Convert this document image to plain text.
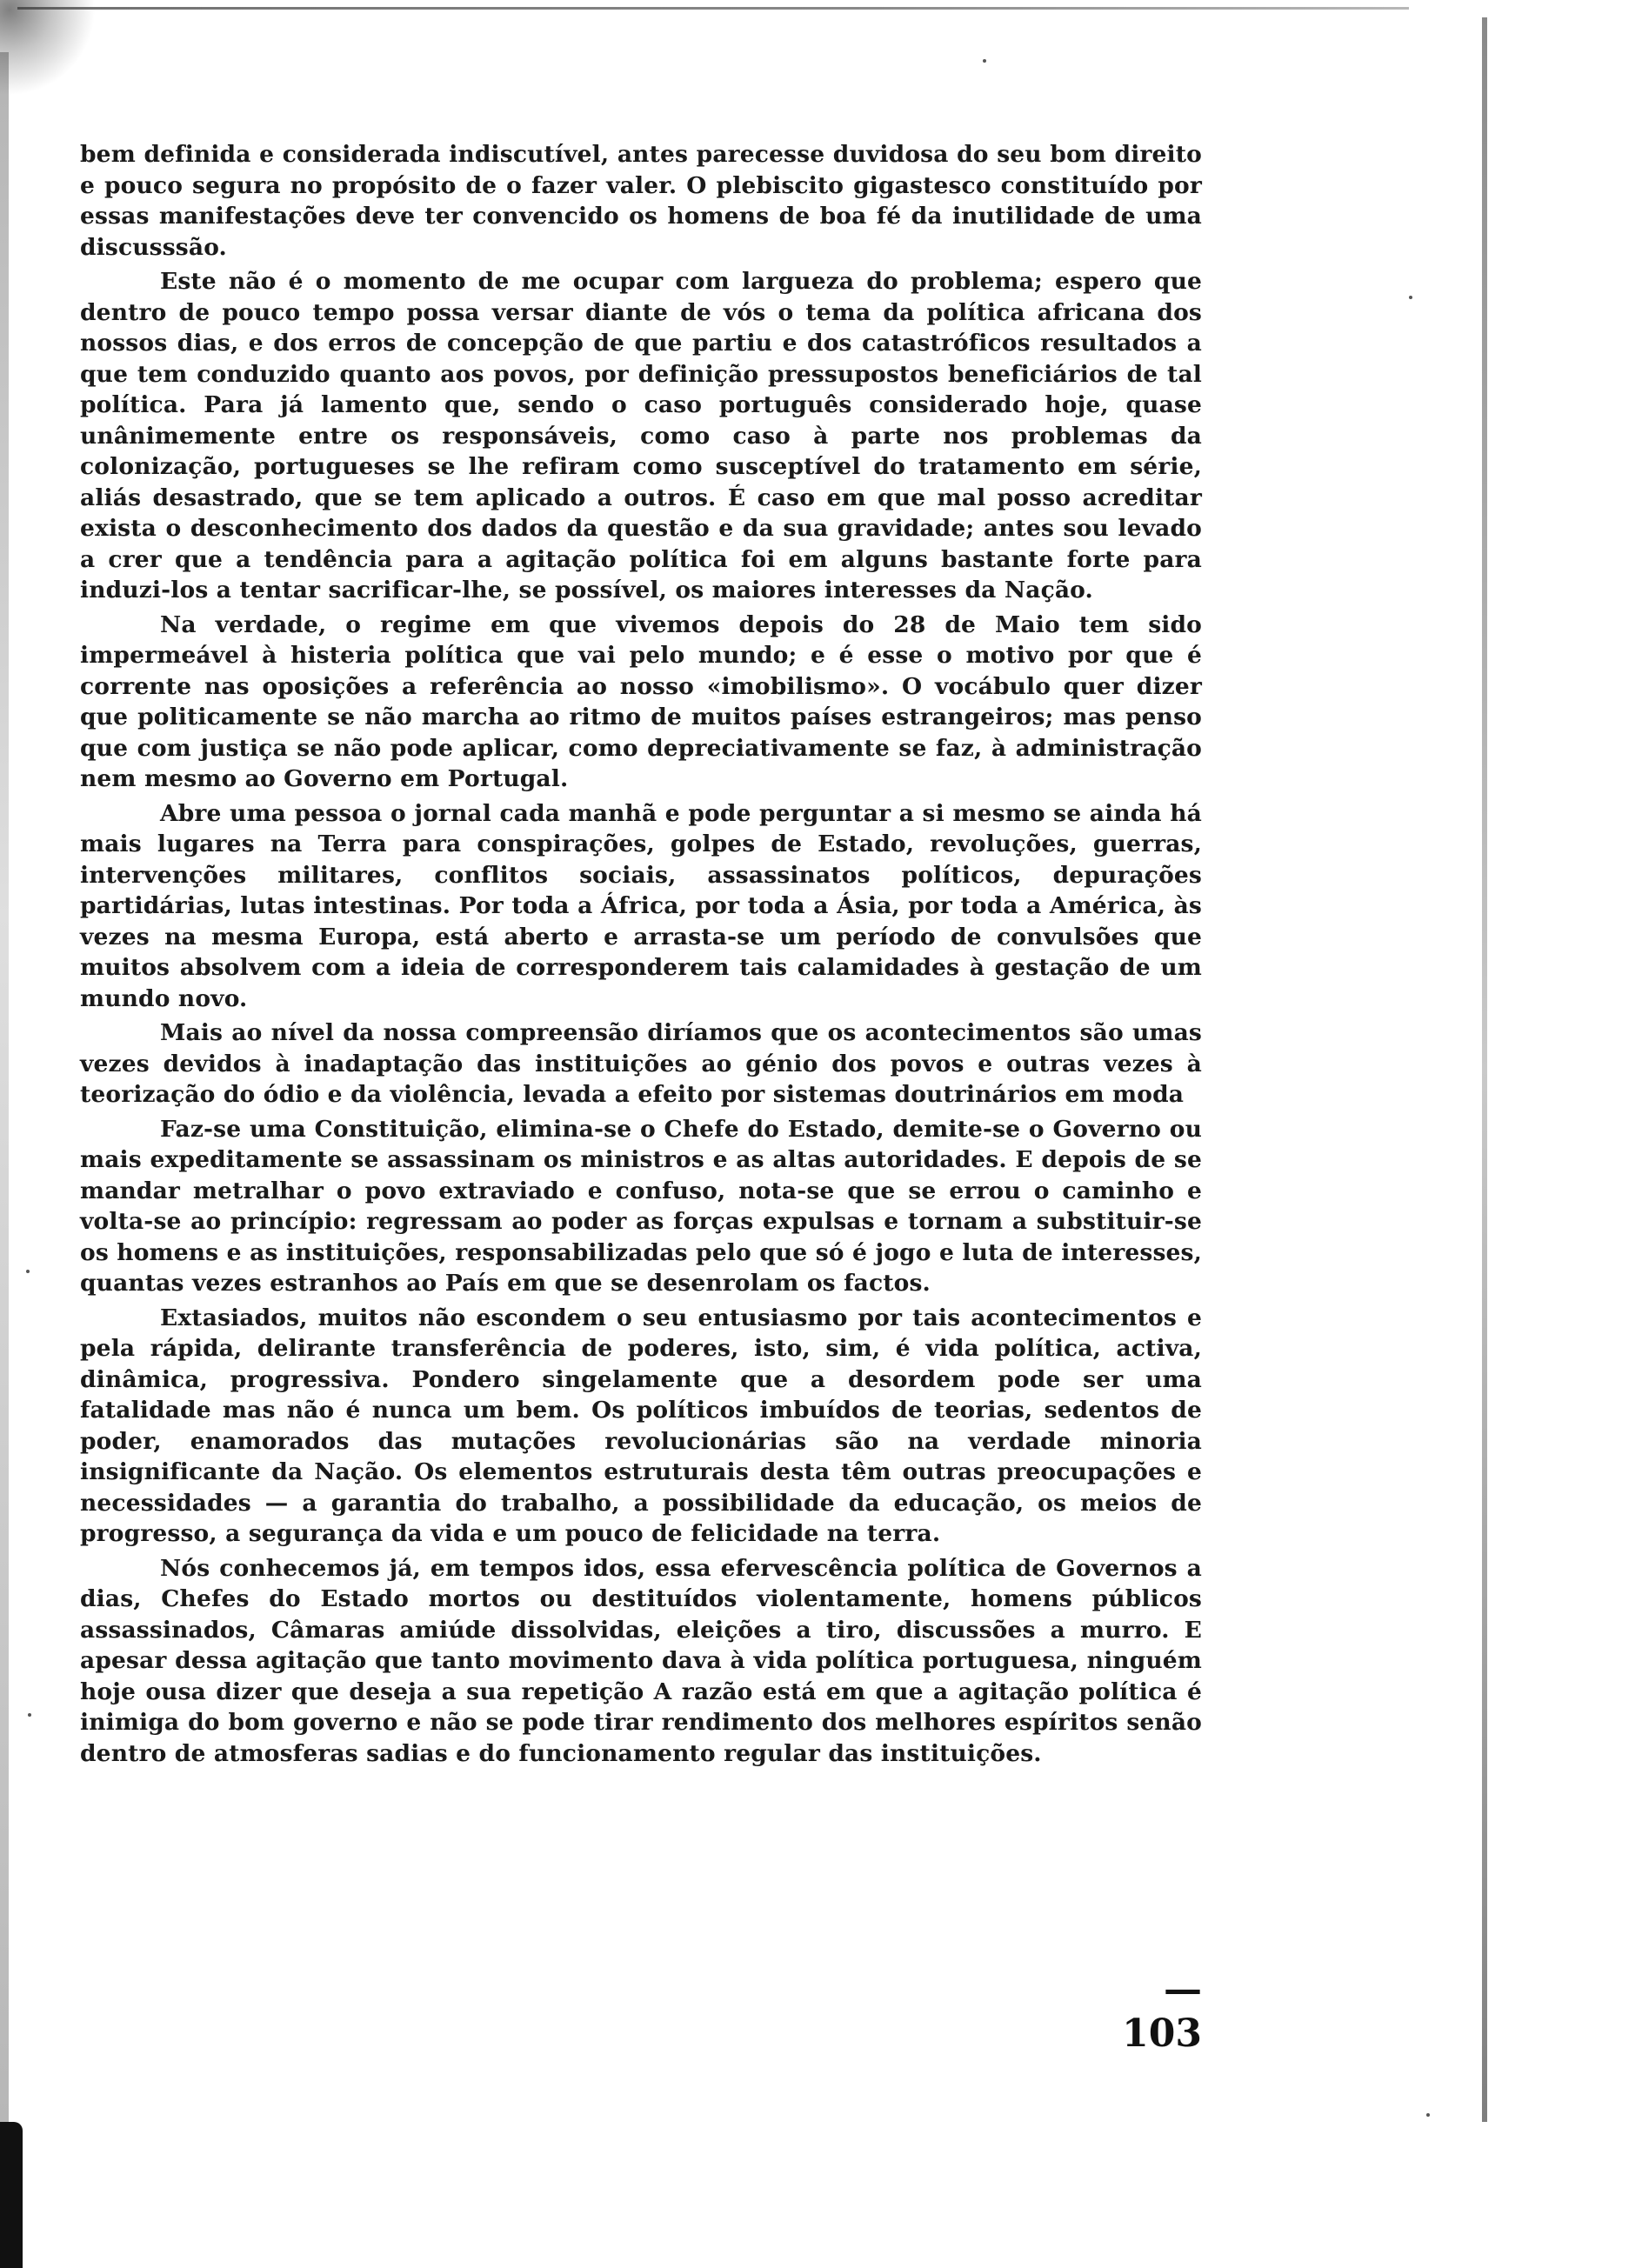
bem definida e considerada indiscutível, antes parecesse duvidosa do seu bom direito e pouco segura no propósito de o fazer valer. O plebiscito gigastesco constituído por essas manifestações deve ter convencido os homens de boa fé da inutilidade de uma discusssão.

Este não é o momento de me ocupar com largueza do problema; espero que dentro de pouco tempo possa versar diante de vós o tema da política africana dos nossos dias, e dos erros de concepção de que partiu e dos catastróficos resultados a que tem conduzido quanto aos povos, por definição pressupostos beneficiários de tal política. Para já lamento que, sendo o caso português considerado hoje, quase unânimemente entre os responsáveis, como caso à parte nos problemas da colonização, portugueses se lhe refiram como susceptível do tratamento em série, aliás desastrado, que se tem aplicado a outros. É caso em que mal posso acreditar exista o desconhecimento dos dados da questão e da sua gravidade; antes sou levado a crer que a tendência para a agitação política foi em alguns bastante forte para induzi-los a tentar sacrificar-lhe, se possível, os maiores interesses da Nação.

Na verdade, o regime em que vivemos depois do 28 de Maio tem sido impermeável à histeria política que vai pelo mundo; e é esse o motivo por que é corrente nas oposições a referência ao nosso «imobilismo». O vocábulo quer dizer que politicamente se não marcha ao ritmo de muitos países estrangeiros; mas penso que com justiça se não pode aplicar, como depreciativamente se faz, à administração nem mesmo ao Governo em Portugal.

Abre uma pessoa o jornal cada manhã e pode perguntar a si mesmo se ainda há mais lugares na Terra para conspirações, golpes de Estado, revoluções, guerras, intervenções militares, conflitos sociais, assassinatos políticos, depurações partidárias, lutas intestinas. Por toda a África, por toda a Ásia, por toda a América, às vezes na mesma Europa, está aberto e arrasta-se um período de convulsões que muitos absolvem com a ideia de corresponderem tais calamidades à gestação de um mundo novo.

Mais ao nível da nossa compreensão diríamos que os acontecimentos são umas vezes devidos à inadaptação das instituições ao génio dos povos e outras vezes à teorização do ódio e da violência, levada a efeito por sistemas doutrinários em moda

Faz-se uma Constituição, elimina-se o Chefe do Estado, demite-se o Governo ou mais expeditamente se assassinam os ministros e as altas autoridades. E depois de se mandar metralhar o povo extraviado e confuso, nota-se que se errou o caminho e volta-se ao princípio: regressam ao poder as forças expulsas e tornam a substituir-se os homens e as instituições, responsabilizadas pelo que só é jogo e luta de interesses, quantas vezes estranhos ao País em que se desenrolam os factos.

Extasiados, muitos não escondem o seu entusiasmo por tais acontecimentos e pela rápida, delirante transferência de poderes, isto, sim, é vida política, activa, dinâmica, progressiva. Pondero singelamente que a desordem pode ser uma fatalidade mas não é nunca um bem. Os políticos imbuídos de teorias, sedentos de poder, enamorados das mutações revolucionárias são na verdade minoria insignificante da Nação. Os elementos estruturais desta têm outras preocupações e necessidades — a garantia do trabalho, a possibilidade da educação, os meios de progresso, a segurança da vida e um pouco de felicidade na terra.

Nós conhecemos já, em tempos idos, essa efervescência política de Governos a dias, Chefes do Estado mortos ou destituídos violentamente, homens públicos assassinados, Câmaras amiúde dissolvidas, eleições a tiro, discussões a murro. E apesar dessa agitação que tanto movimento dava à vida política portuguesa, ninguém hoje ousa dizer que deseja a sua repetição A razão está em que a agitação política é inimiga do bom governo e não se pode tirar rendimento dos melhores espíritos senão dentro de atmosferas sadias e do funcionamento regular das instituições.

— 103
